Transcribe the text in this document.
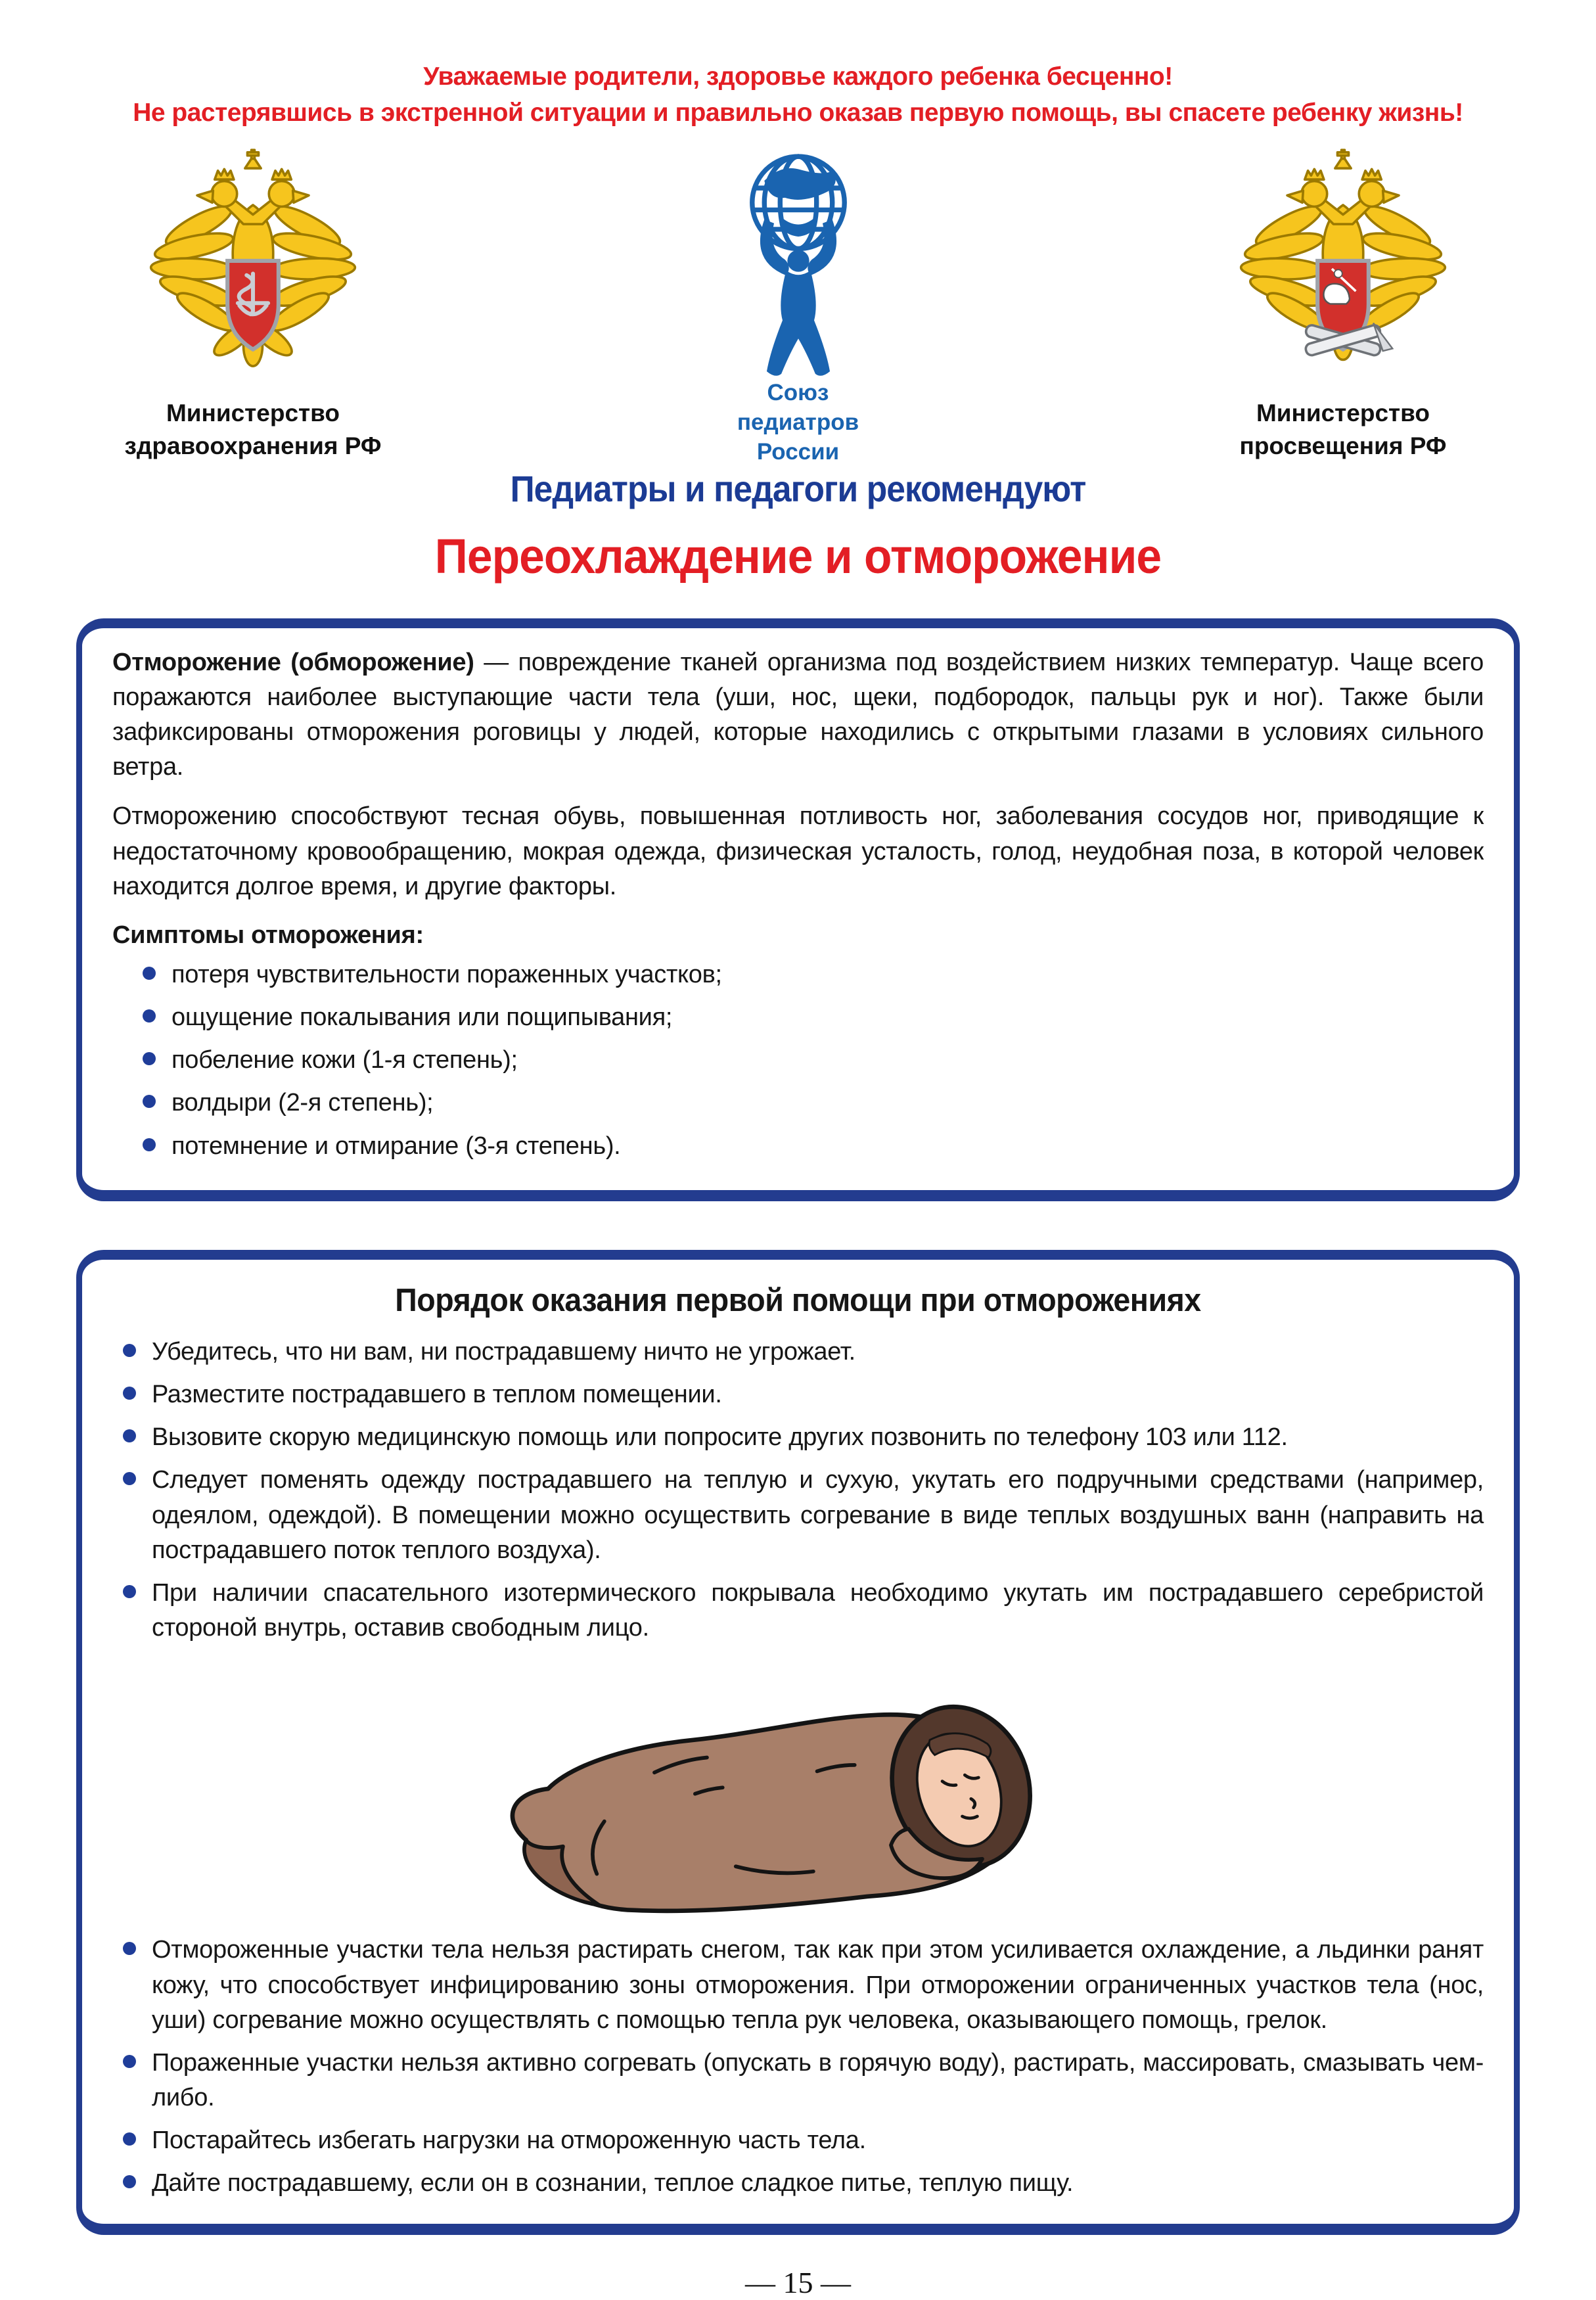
Уважаемые родители, здоровье каждого ребенка бесценно!
Не растерявшись в экстренной ситуации и правильно оказав первую помощь, вы спасете ребенку жизнь!
Министерство
здравоохранения РФ
Союз
педиатров
России
Министерство
просвещения РФ
Педиатры и педагоги рекомендуют
Переохлаждение и отморожение

Отморожение (обморожение) — повреждение тканей организма под воздействием низких температур. Чаще всего поражаются наиболее выступающие части тела (уши, нос, щеки, подбородок, пальцы рук и ног). Также были зафиксированы отморожения роговицы у людей, которые находились с открытыми глазами в условиях сильного ветра.

Отморожению способствуют тесная обувь, повышенная потливость ног, заболевания сосудов ног, приводящие к недостаточному кровообращению, мокрая одежда, физическая усталость, голод, неудобная поза, в которой человек находится долгое время, и другие факторы.

Симптомы отморожения:
потеря чувствительности пораженных участков;
ощущение покалывания или пощипывания;
побеление кожи (1-я степень);
волдыри (2-я степень);
потемнение и отмирание (3-я степень).
Порядок оказания первой помощи при отморожениях
Убедитесь, что ни вам, ни пострадавшему ничто не угрожает.
Разместите пострадавшего в теплом помещении.
Вызовите скорую медицинскую помощь или попросите других позвонить по телефону 103 или 112.
Следует поменять одежду пострадавшего на теплую и сухую, укутать его подручными средствами (например, одеялом, одеждой). В помещении можно осуществить согревание в виде теплых воздушных ванн (направить на пострадавшего поток теплого воздуха).
При наличии спасательного изотермического покрывала необходимо укутать им пострадавшего серебристой стороной внутрь, оставив свободным лицо.
Отмороженные участки тела нельзя растирать снегом, так как при этом усиливается охлаждение, а льдинки ранят кожу, что способствует инфицированию зоны отморожения. При отморожении ограниченных участков тела (нос, уши) согревание можно осуществлять с помощью тепла рук человека, оказывающего помощь, грелок.
Пораженные участки нельзя активно согревать (опускать в горячую воду), растирать, массировать, смазывать чем-либо.
Постарайтесь избегать нагрузки на отмороженную часть тела.
Дайте пострадавшему, если он в сознании, теплое сладкое питье, теплую пищу.
— 15 —
